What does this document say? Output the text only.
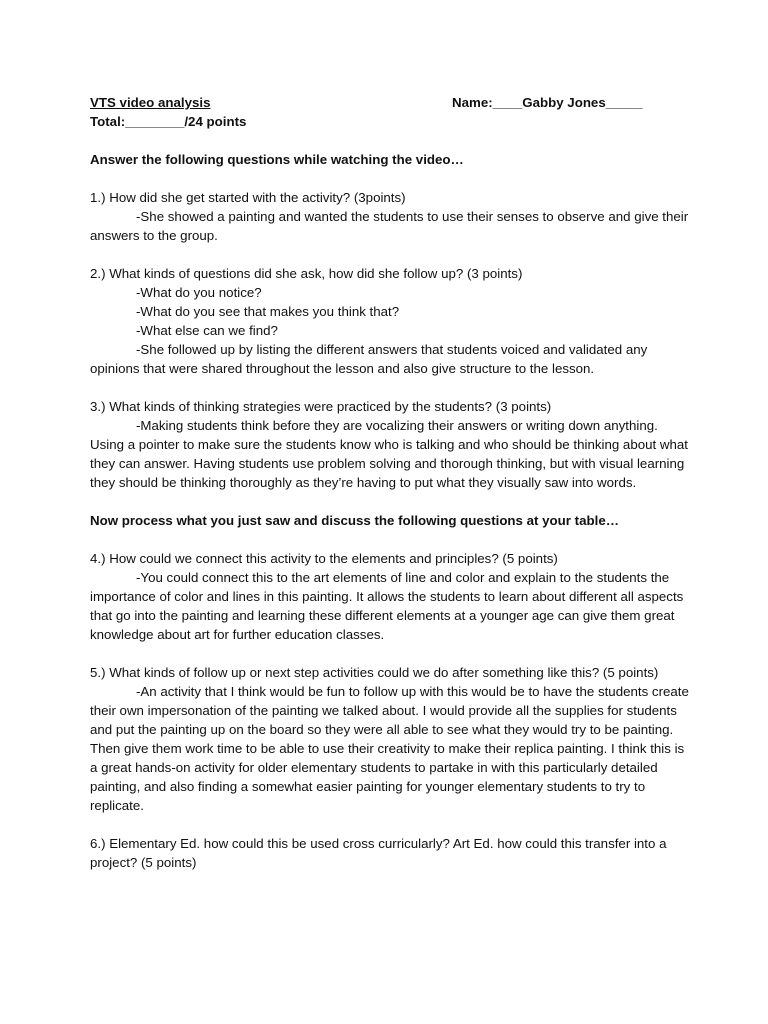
VTS video analysis	Name:____Gabby Jones_____
Total:________/24 points

Answer the following questions while watching the video…

1.) How did she get started with the activity? (3points)

-She showed a painting and wanted the students to use their senses to observe and give their answers to the group.

2.) What kinds of questions did she ask, how did she follow up? (3 points)

-What do you notice?

-What do you see that makes you think that?

-What else can we find?

-She followed up by listing the different answers that students voiced and validated any opinions that were shared throughout the lesson and also give structure to the lesson.

3.) What kinds of thinking strategies were practiced by the students? (3 points)

-Making students think before they are vocalizing their answers or writing down anything. Using a pointer to make sure the students know who is talking and who should be thinking about what they can answer. Having students use problem solving and thorough thinking, but with visual learning they should be thinking thoroughly as they’re having to put what they visually saw into words.

Now process what you just saw and discuss the following questions at your table…

4.) How could we connect this activity to the elements and principles? (5 points)

-You could connect this to the art elements of line and color and explain to the students the importance of color and lines in this painting. It allows the students to learn about different all aspects that go into the painting and learning these different elements at a younger age can give them great knowledge about art for further education classes.

5.) What kinds of follow up or next step activities could we do after something like this? (5 points)

-An activity that I think would be fun to follow up with this would be to have the students create their own impersonation of the painting we talked about. I would provide all the supplies for students and put the painting up on the board so they were all able to see what they would try to be painting. Then give them work time to be able to use their creativity to make their replica painting. I think this is a great hands-on activity for older elementary students to partake in with this particularly detailed painting, and also finding a somewhat easier painting for younger elementary students to try to replicate.

6.) Elementary Ed. how could this be used cross curricularly? Art Ed. how could this transfer into a project? (5 points)
